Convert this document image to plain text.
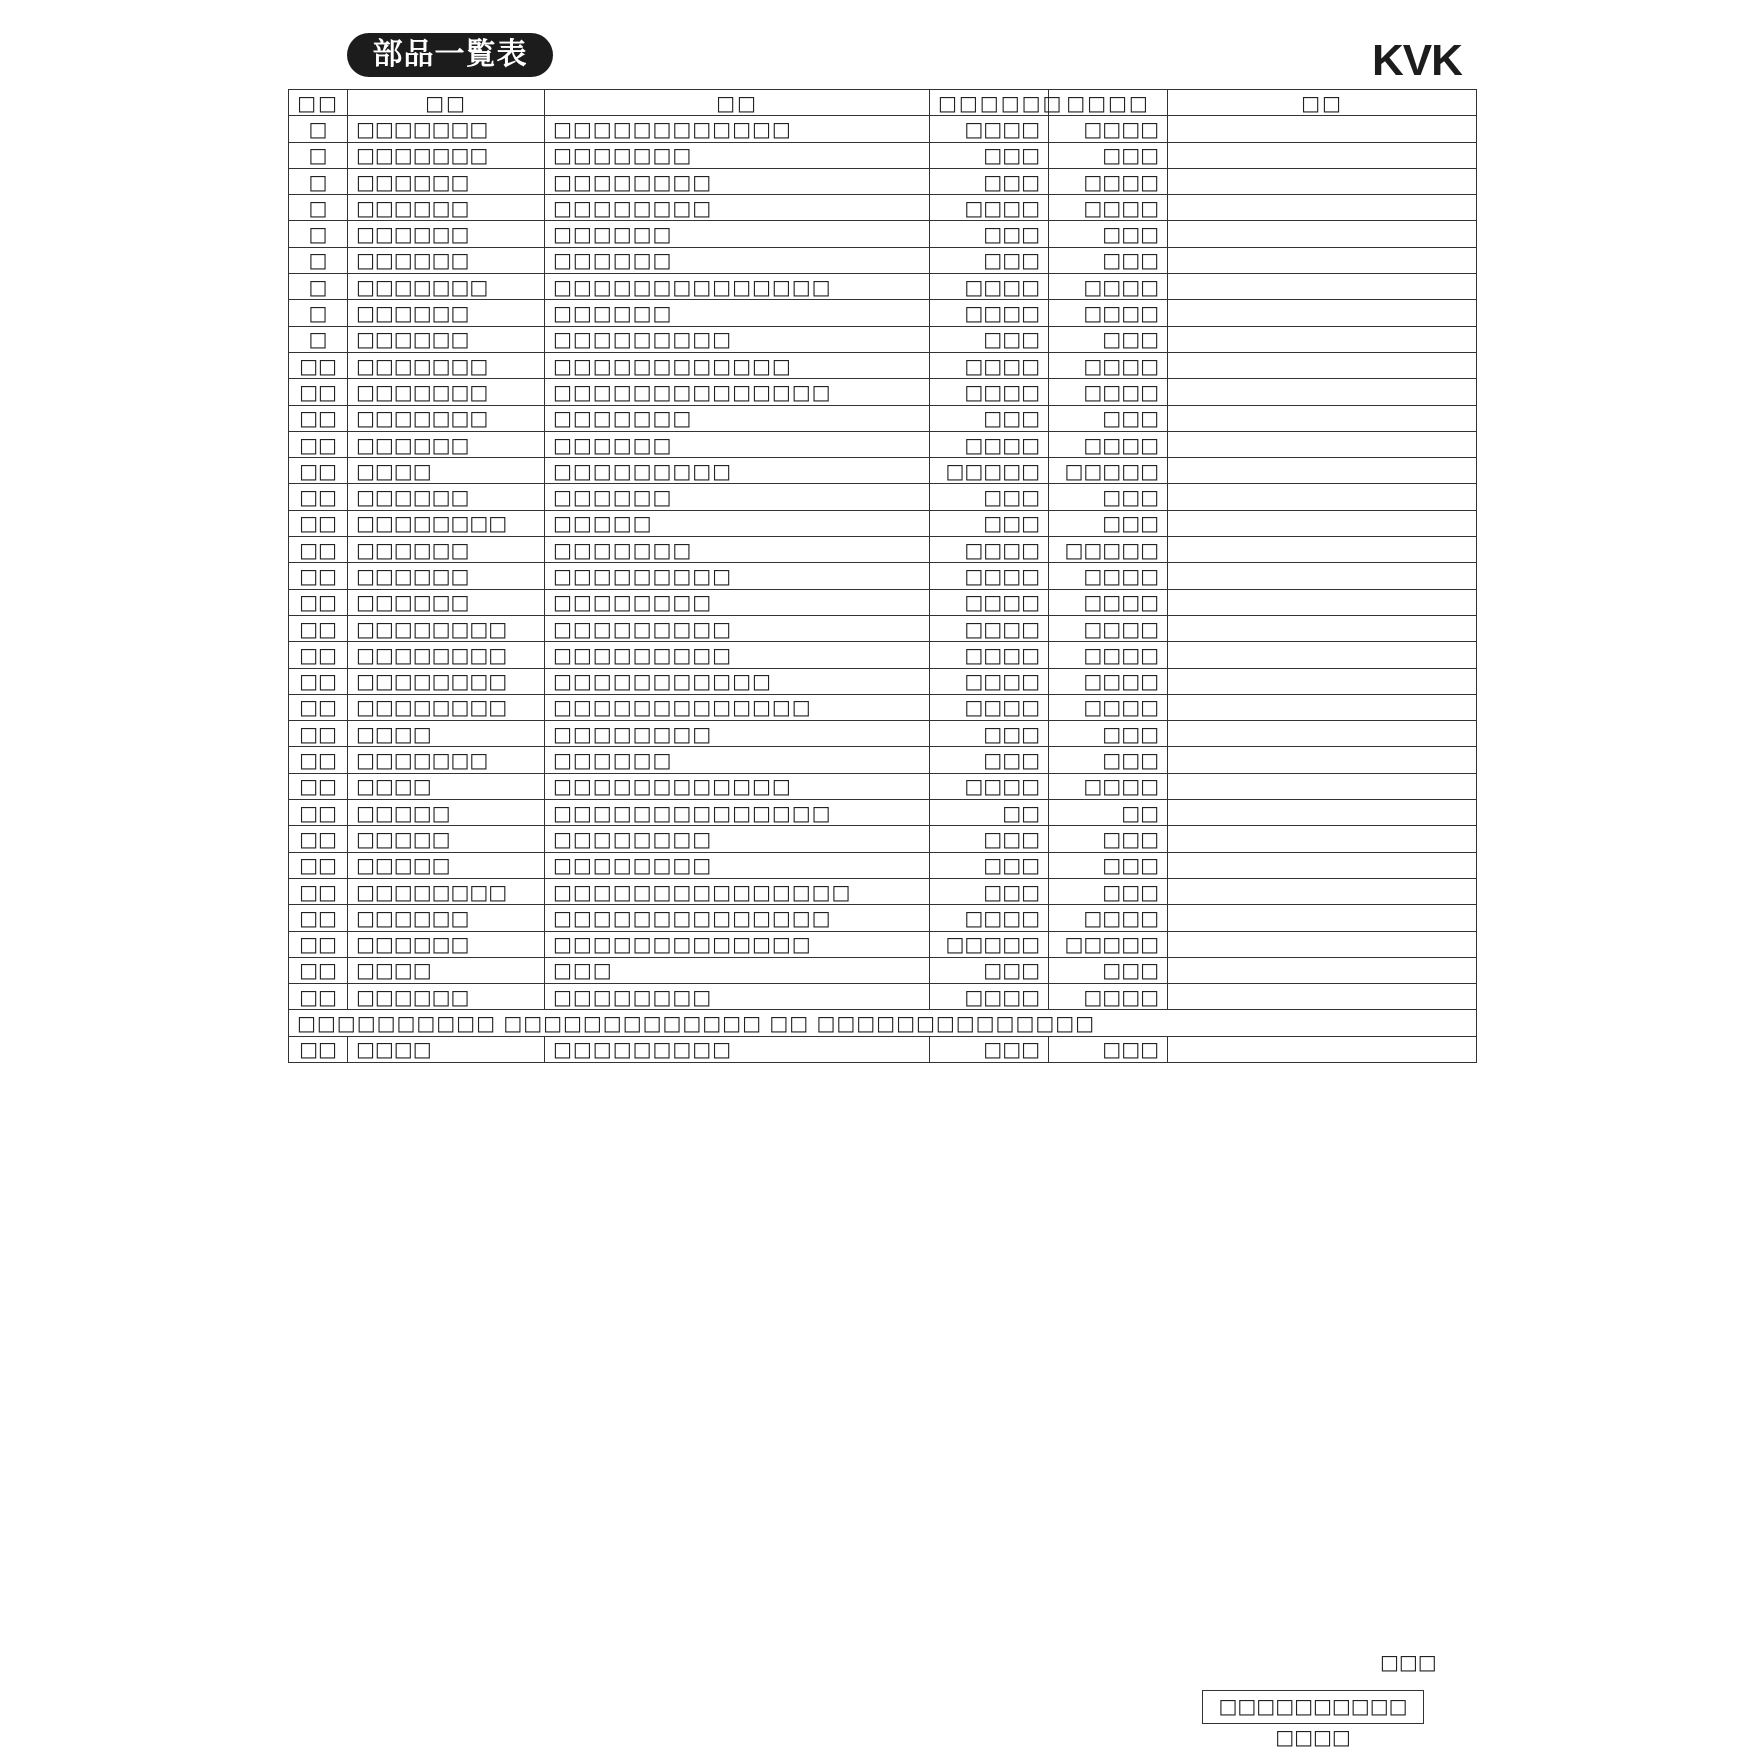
部品一覧表	KVK
□□	□□	□□	□□□□□□	□□□□	□□
□	□□□□□□□	□□□□□□□□□□□□	□□□□	□□□□	
□	□□□□□□□	□□□□□□□	□□□	□□□	
□	□□□□□□	□□□□□□□□	□□□	□□□□	
□	□□□□□□	□□□□□□□□	□□□□	□□□□	
□	□□□□□□	□□□□□□	□□□	□□□	
□	□□□□□□	□□□□□□	□□□	□□□	
□	□□□□□□□	□□□□□□□□□□□□□□	□□□□	□□□□	
□	□□□□□□	□□□□□□	□□□□	□□□□	
□	□□□□□□	□□□□□□□□□	□□□	□□□	
□□	□□□□□□□	□□□□□□□□□□□□	□□□□	□□□□	
□□	□□□□□□□	□□□□□□□□□□□□□□	□□□□	□□□□	
□□	□□□□□□□	□□□□□□□	□□□	□□□	
□□	□□□□□□	□□□□□□	□□□□	□□□□	
□□	□□□□	□□□□□□□□□	□□□□□	□□□□□	
□□	□□□□□□	□□□□□□	□□□	□□□	
□□	□□□□□□□□	□□□□□	□□□	□□□	
□□	□□□□□□	□□□□□□□	□□□□	□□□□□	
□□	□□□□□□	□□□□□□□□□	□□□□	□□□□	
□□	□□□□□□	□□□□□□□□	□□□□	□□□□	
□□	□□□□□□□□	□□□□□□□□□	□□□□	□□□□	
□□	□□□□□□□□	□□□□□□□□□	□□□□	□□□□	
□□	□□□□□□□□	□□□□□□□□□□□	□□□□	□□□□	
□□	□□□□□□□□	□□□□□□□□□□□□□	□□□□	□□□□	
□□	□□□□	□□□□□□□□	□□□	□□□	
□□	□□□□□□□	□□□□□□	□□□	□□□	
□□	□□□□	□□□□□□□□□□□□	□□□□	□□□□	
□□	□□□□□	□□□□□□□□□□□□□□	□□	□□	
□□	□□□□□	□□□□□□□□	□□□	□□□	
□□	□□□□□	□□□□□□□□	□□□	□□□	
□□	□□□□□□□□	□□□□□□□□□□□□□□□	□□□	□□□	
□□	□□□□□□	□□□□□□□□□□□□□□	□□□□	□□□□	
□□	□□□□□□	□□□□□□□□□□□□□	□□□□□	□□□□□	
□□	□□□□	□□□	□□□	□□□	
□□	□□□□□□	□□□□□□□□	□□□□	□□□□	
□□□□□□□□□□ □□□□□□□□□□□□□ □□ □□□□□□□□□□□□□□					
□□	□□□□	□□□□□□□□□	□□□	□□□	
□□□
□□□□□□□□□□ □□□□
